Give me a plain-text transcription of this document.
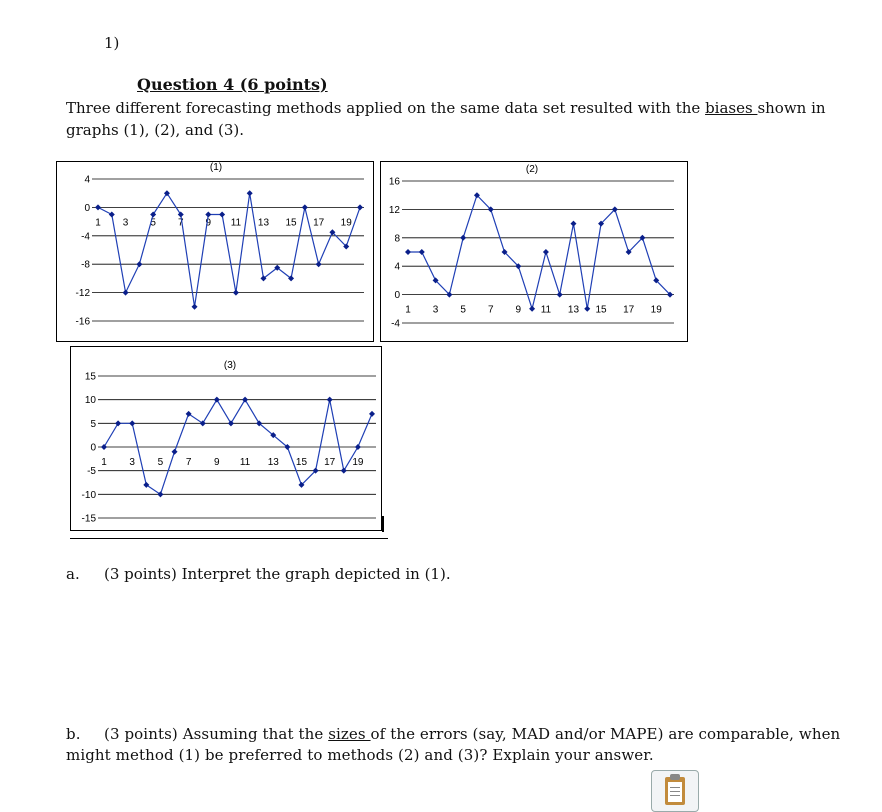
1)
Question 4 (6 points)
Three different forecasting methods applied on the same data set resulted with the biases shown in graphs (1), (2), and (3).
(1)
4
0
-4
-8
-12
-16
1 3 5 7 9 11 13 15 17 19
(2)
16
12
8
4
0
-4
1 3 5 7 9 11 13 15 17 19
(3)
15
10
5
0
-5
-10
-15
1 3 5 7 9 11 13 15 17 19
a. (3 points) Interpret the graph depicted in (1).
b. (3 points) Assuming that the sizes of the errors (say, MAD and/or MAPE) are comparable, when might method (1) be preferred to methods (2) and (3)? Explain your answer.
